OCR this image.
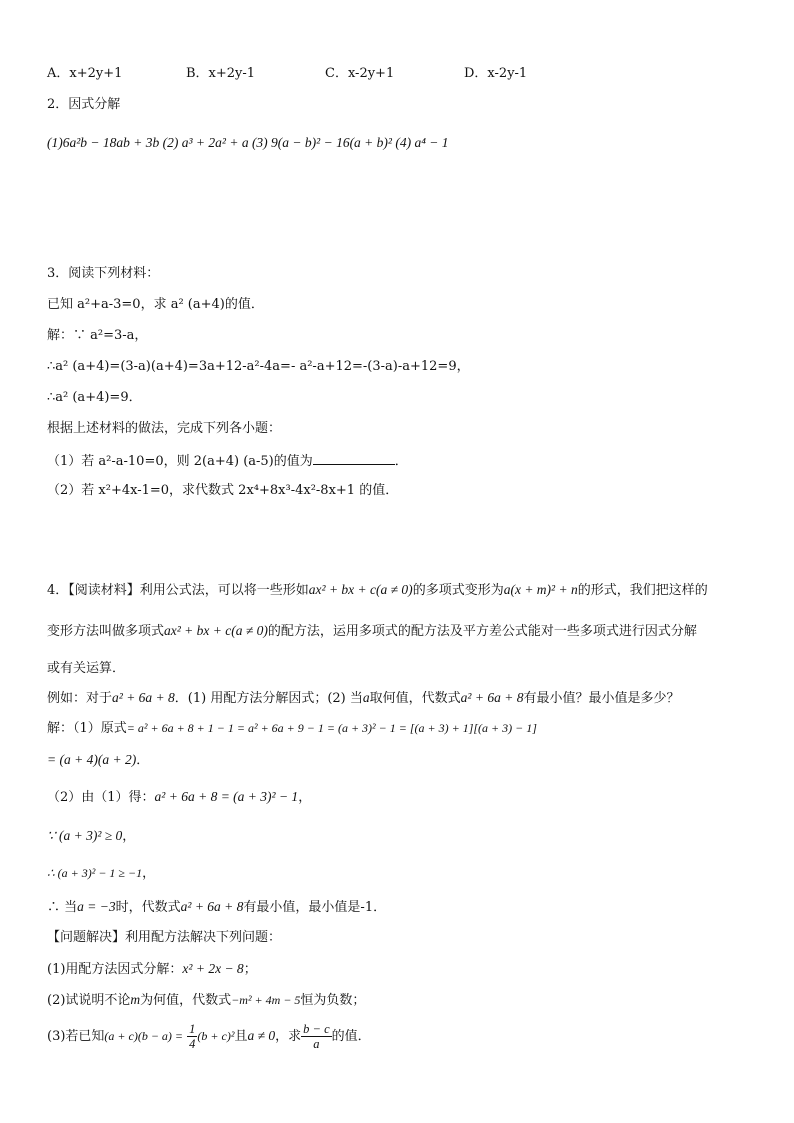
A．x+2y+1	B．x+2y-1	C．x-2y+1	D．x-2y-1
2．因式分解
(1)6a²b − 18ab + 3b (2) a³ + 2a² + a (3) 9(a − b)² − 16(a + b)² (4) a⁴ − 1
3．阅读下列材料：
已知 a²+a-3=0，求 a² (a+4)的值．
解：∵ a²=3-a，
∴a² (a+4)=(3-a)(a+4)=3a+12-a²-4a=- a²-a+12=-(3-a)-a+12=9，
∴a² (a+4)=9．
根据上述材料的做法，完成下列各小题：
（1）若 a²-a-10=0，则 2(a+4) (a-5)的值为	．
（2）若 x²+4x-1=0，求代数式 2x⁴+8x³-4x²-8x+1 的值．
4．【阅读材料】利用公式法，可以将一些形如ax² + bx + c(a ≠ 0)的多项式变形为a(x + m)² + n的形式，我们把这样的
变形方法叫做多项式ax² + bx + c(a ≠ 0)的配方法，运用多项式的配方法及平方差公式能对一些多项式进行因式分解
或有关运算．
例如：对于a² + 6a + 8．(1) 用配方法分解因式；(2) 当a取何值，代数式a² + 6a + 8有最小值？最小值是多少？
解：（1）原式= a² + 6a + 8 + 1 − 1 = a² + 6a + 9 − 1 = (a + 3)² − 1 = [(a + 3) + 1][(a + 3) − 1]
= (a + 4)(a + 2)．
（2）由（1）得：a² + 6a + 8 = (a + 3)² − 1，
∵ (a + 3)² ≥ 0，
∴ (a + 3)² − 1 ≥ −1，
∴ 当a = −3时，代数式a² + 6a + 8有最小值，最小值是-1．
【问题解决】利用配方法解决下列问题：
(1)用配方法因式分解：x² + 2x − 8；
(2)试说明不论m为何值，代数式−m² + 4m − 5恒为负数；
(3)若已知$(a + c)(b - a) = \frac{1}{4} (b + c)^2$且a ≠ 0，求 $\frac{b - c}{a}$ 的值．
